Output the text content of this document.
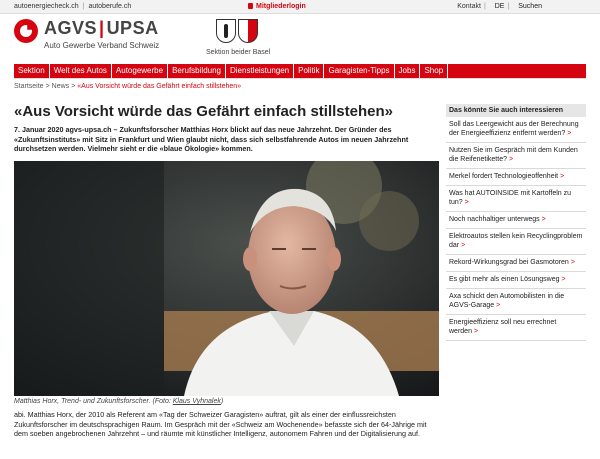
autoenergiecheck.ch | autoberufe.ch	Mitgliederlogin	Kontakt | DE | Suchen
AGVS | UPSA
Auto Gewerbe Verband Schweiz
Sektion beider Basel
Sektion	Welt des Autos	Autogewerbe	Berufsbildung	Dienstleistungen	Politik	Garagisten-Tipps	Jobs	Shop
Startseite > News > «Aus Vorsicht würde das Gefährt einfach stillstehen»
«Aus Vorsicht würde das Gefährt einfach stillstehen»

7. Januar 2020 agvs-upsa.ch – Zukunftsforscher Matthias Horx blickt auf das neue Jahrzehnt. Der Gründer des «Zukunftsinstituts» mit Sitz in Frankfurt und Wien glaubt nicht, dass sich selbstfahrende Autos im neuen Jahrzehnt durchsetzen werden. Vielmehr sieht er die «blaue Ökologie» kommen.

Matthias Horx, Trend- und Zukunftsforscher. (Foto: Klaus Vyhnalek)

abi. Matthias Horx, der 2010 als Referent am «Tag der Schweizer Garagisten» auftrat, gilt als einer der einflussreichsten Zukunftsforscher im deutschsprachigen Raum. Im Gespräch mit der «Schweiz am Wochenende» befasste sich der 64-Jährige mit dem soeben angebrochenen Jahrzehnt – und räumte mit künstlicher Intelligenz, autonomem Fahren und der Digitalisierung auf.

Das könnte Sie auch interessieren
Soll das Leergewicht aus der Berechnung der Energieeffizienz entfernt werden? >
Nutzen Sie im Gespräch mit dem Kunden die Reifenetikette? >
Merkel fordert Technologieoffenheit >
Was hat AUTOINSIDE mit Kartoffeln zu tun? >
Noch nachhaltiger unterwegs >
Elektroautos stellen kein Recyclingproblem dar >
Rekord-Wirkungsgrad bei Gasmotoren >
Es gibt mehr als einen Lösungsweg >
Axa schickt den Automobilisten in die AGVS-Garage >
Energieeffizienz soll neu errechnet werden >
